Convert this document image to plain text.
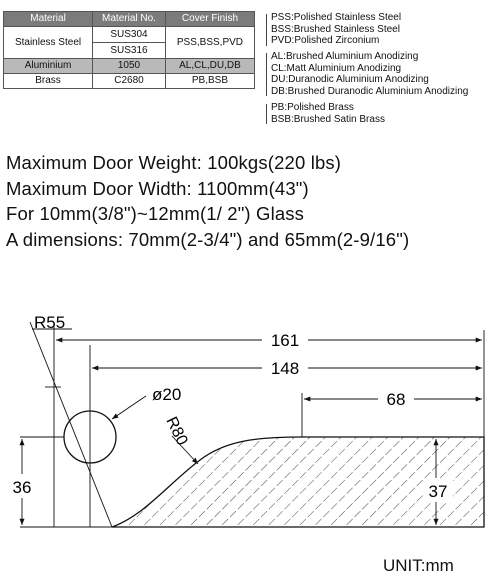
Material	Material No.	Cover Finish
Stainless Steel	SUS304	PSS,BSS,PVD
	SUS316	
Aluminium	1050	AL,CL,DU,DB
Brass	C2680	PB,BSB
PSS:Polished Stainless Steel
BSS:Brushed Stainless Steel
PVD:Polished Zirconium
AL:Brushed Aluminium Anodizing
CL:Matt Aluminium Anodizing
DU:Duranodic Aluminium Anodizing
DB:Brushed Duranodic Aluminium Anodizing
PB:Polished Brass
BSB:Brushed Satin Brass
Maximum Door Weight: 100kgs(220 lbs)
Maximum Door Width: 1100mm(43")
For 10mm(3/8")~12mm(1/ 2") Glass
A dimensions: 70mm(2-3/4") and 65mm(2-9/16")
R55
161
148
68
ø20
R80
36	37
UNIT:mm
